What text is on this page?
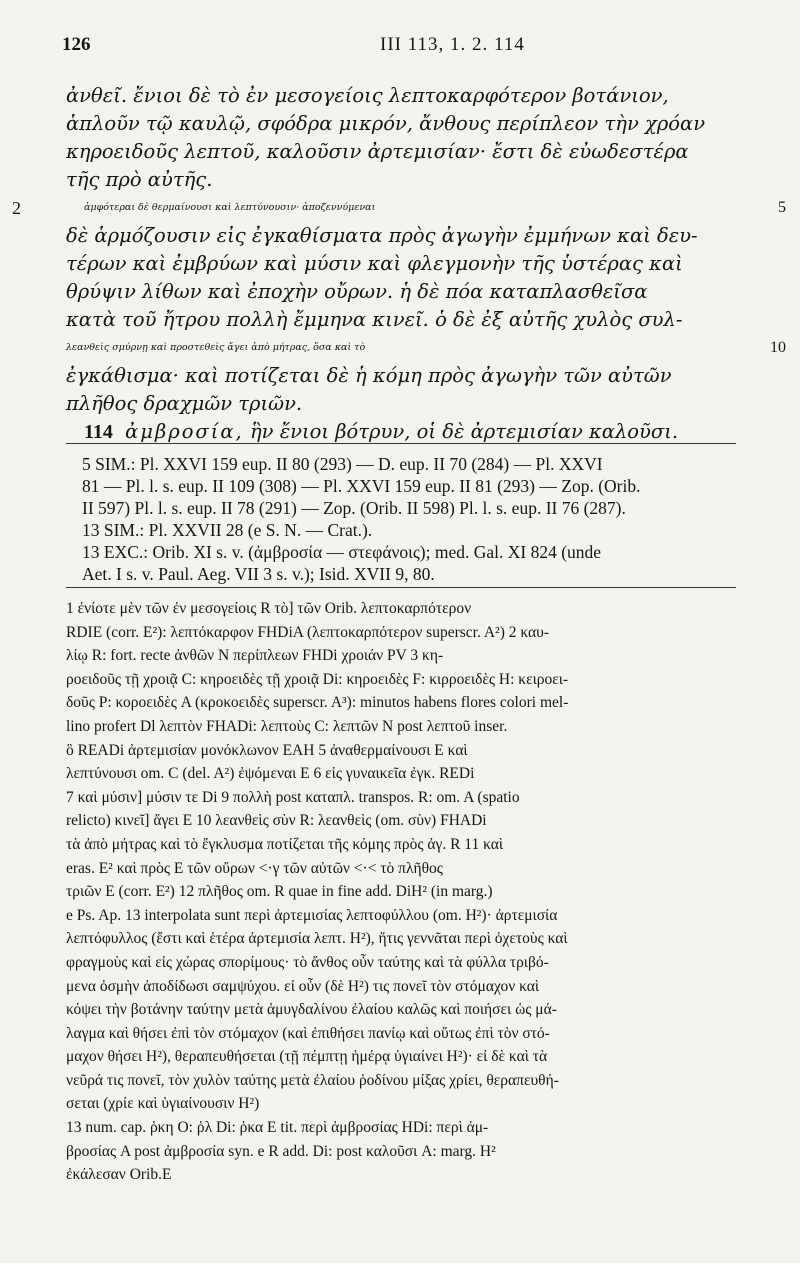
126	III 113, 1. 2. 114
ἀνθεῖ. ἔνιοι δὲ τὸ ἐν μεσογείοις λεπτοκαρφότερον βοτάνιον,
ἁπλοῦν τῷ καυλῷ, σφόδρα μικρόν, ἄνθους περίπλεον τὴν χρόαν
κηροειδοῦς λεπτοῦ, καλοῦσιν ἀρτεμισίαν· ἔστι δὲ εὐωδεστέρα
τῆς πρὸ αὐτῆς.
2	ἀμφότεραι δὲ θερμαίνουσι καὶ λεπτύνουσιν· ἀποζεννύμεναι	5
δὲ ἁρμόζουσιν εἰς ἐγκαθίσματα πρὸς ἀγωγὴν ἐμμήνων καὶ δευ-
τέρων καὶ ἐμβρύων καὶ μύσιν καὶ φλεγμονὴν τῆς ὑστέρας καὶ
θρύψιν λίθων καὶ ἐποχὴν οὔρων. ἡ δὲ πόα καταπλασθεῖσα
κατὰ τοῦ ἤτρου πολλὴ ἔμμηνα κινεῖ. ὁ δὲ ἐξ αὐτῆς χυλὸς συλ-
λεανθεὶς σμύρνῃ καὶ προστεθεὶς ἄγει ἀπὸ μήτρας, ὅσα καὶ τὸ	10
ἐγκάθισμα· καὶ ποτίζεται δὲ ἡ κόμη πρὸς ἀγωγὴν τῶν αὐτῶν
πλῆθος δραχμῶν τριῶν.
114 ἀμβροσία, ἣν ἔνιοι βότρυν, οἱ δὲ ἀρτεμισίαν καλοῦσι.
5 SIM.: Pl. XXVI 159 eup. II 80 (293) — D. eup. II 70 (284) — Pl. XXVI
81 — Pl. l. s. eup. II 109 (308) — Pl. XXVI 159 eup. II 81 (293) — Zop. (Orib.
II 597) Pl. l. s. eup. II 78 (291) — Zop. (Orib. II 598) Pl. l. s. eup. II 76 (287).
13 SIM.: Pl. XXVII 28 (e S. N. — Crat.).
13 EXC.: Orib. XI s. v. (ἀμβροσία — στεφάνοις); med. Gal. XI 824 (unde
Aet. I s. v. Paul. Aeg. VII 3 s. v.); Isid. XVII 9, 80.
1 ἐνίοτε μὲν τῶν ἐν μεσογείοις R τὸ] τῶν Orib. λεπτοκαρπότερον
RDIE (corr. E²): λεπτόκαρφον FHDiA (λεπτοκαρπότερον superscr. A²) 2 καυ-
λίῳ R: fort. recte ἀνθῶν N περίπλεων FHDi χροιάν PV 3 κη-
ροειδοῦς τῇ χροιᾷ C: κηροειδὲς τῇ χροιᾷ Di: κηροειδὲς F: κιρροειδὲς H: κειροει-
δοῦς P: κοροειδὲς A (κροκοειδὲς superscr. A³): minutos habens flores colori mel-
lino profert Dl λεπτὸν FHADi: λεπτοὺς C: λεπτῶν N post λεπτοῦ inser.
ὃ READi ἀρτεμισίαν μονόκλωνον EAH 5 ἀναθερμαίνουσι E καὶ
λεπτύνουσι om. C (del. A²) ἐψόμεναι E 6 εἰς γυναικεῖα ἐγκ. REDi
7 καὶ μύσιν] μύσιν τε Di 9 πολλὴ post καταπλ. transpos. R: om. A (spatio
relicto) κινεῖ] ἄγει E 10 λεανθεὶς σὺν R: λεανθεὶς (om. σὺν) FHADi
τὰ ἀπὸ μήτρας καὶ τὸ ἔγκλυσμα ποτίζεται τῆς κόμης πρὸς ἀγ. R 11 καὶ
eras. E² καὶ πρὸς E τῶν οὔρων <·γ τῶν αὐτῶν <·< τὸ πλῆθος
τριῶν E (corr. E²) 12 πλῆθος om. R quae in fine add. DiH² (in marg.)
e Ps. Ap. 13 interpolata sunt περὶ ἀρτεμισίας λεπτοφύλλου (om. H²)· ἀρτεμισία
λεπτόφυλλος (ἔστι καὶ ἑτέρα ἀρτεμισία λεπτ. H²), ἥτις γεννᾶται περὶ ὀχετοὺς καὶ
φραγμοὺς καὶ εἰς χώρας σπορίμους· τὸ ἄνθος οὖν ταύτης καὶ τὰ φύλλα τριβό-
μενα ὀσμὴν ἀποδίδωσι σαμψύχου. εἰ οὖν (δὲ H²) τις πονεῖ τὸν στόμαχον καὶ
κόψει τὴν βοτάνην ταύτην μετὰ ἀμυγδαλίνου ἐλαίου καλῶς καὶ ποιήσει ὡς μά-
λαγμα καὶ θήσει ἐπὶ τὸν στόμαχον (καὶ ἐπιθήσει πανίῳ καὶ οὕτως ἐπὶ τὸν στό-
μαχον θήσει H²), θεραπευθήσεται (τῇ πέμπτῃ ἡμέρᾳ ὑγιαίνει H²)· εἰ δὲ καὶ τὰ
νεῦρά τις πονεῖ, τὸν χυλὸν ταύτης μετὰ ἐλαίου ῥοδίνου μίξας χρίει, θεραπευθή-
σεται (χρίε καὶ ὑγιαίνουσιν H²)
13 num. cap. ῥκη O: ῥλ Di: ῥκα E tit. περὶ ἀμβροσίας HDi: περὶ ἀμ-
βροσίας A post ἀμβροσία syn. e R add. Di: post καλοῦσι A: marg. H²
ἐκάλεσαν Orib.E
